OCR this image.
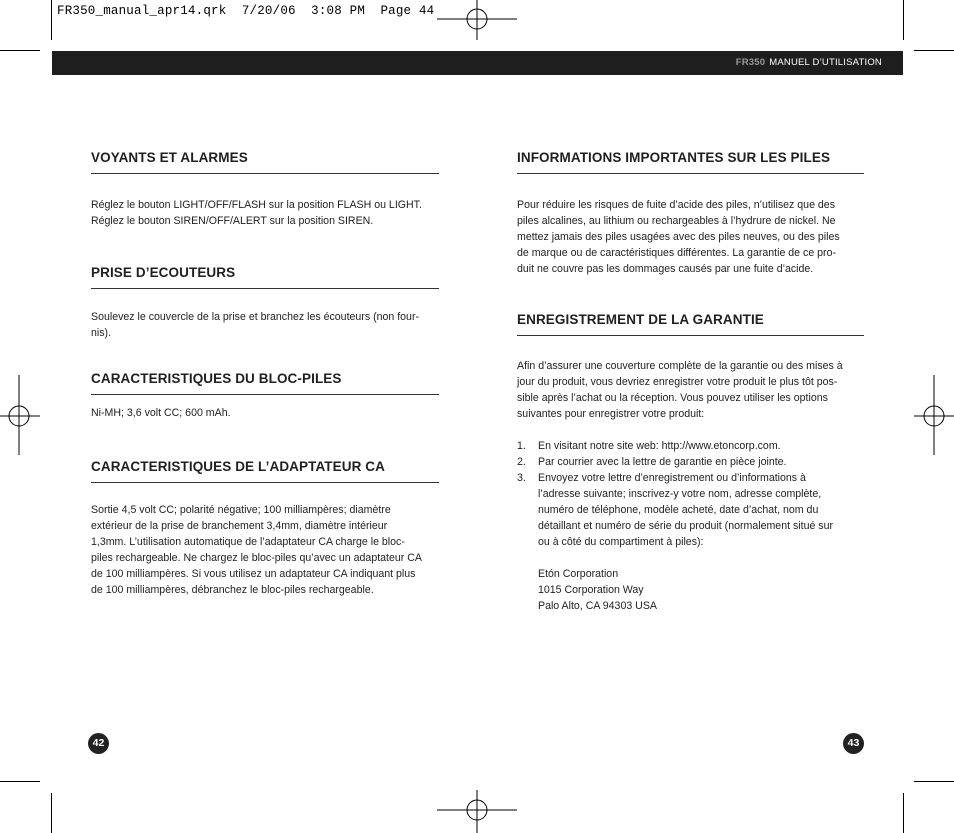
FR350_manual_apr14.qrk  7/20/06  3:08 PM  Page 44
FR350 MANUEL D’UTILISATION
VOYANTS ET ALARMES

Réglez le bouton LIGHT/OFF/FLASH sur la position FLASH ou LIGHT.

Réglez le bouton SIREN/OFF/ALERT sur la position SIREN.

PRISE D’ECOUTEURS

Soulevez le couvercle de la prise et branchez les écouteurs (non four-

nis).

CARACTERISTIQUES DU BLOC-PILES

Ni-MH; 3,6 volt CC; 600 mAh.

CARACTERISTIQUES DE L’ADAPTATEUR CA

Sortie 4,5 volt CC; polarité négative; 100 milliampères; diamètre

extérieur de la prise de branchement 3,4mm, diamètre intérieur

1,3mm. L’utilisation automatique de l’adaptateur CA charge le bloc-

piles rechargeable. Ne chargez le bloc-piles qu’avec un adaptateur CA

de 100 milliampères. Si vous utilisez un adaptateur CA indiquant plus

de 100 milliampères, débranchez le bloc-piles rechargeable.

INFORMATIONS IMPORTANTES SUR LES PILES

Pour réduire les risques de fuite d’acide des piles, n’utilisez que des

piles alcalines, au lithium ou rechargeables à l’hydrure de nickel. Ne

mettez jamais des piles usagées avec des piles neuves, ou des piles

de marque ou de caractéristiques différentes. La garantie de ce pro-

duit ne couvre pas les dommages causés par une fuite d’acide.

ENREGISTREMENT DE LA GARANTIE

Afin d’assurer une couverture complète de la garantie ou des mises à

jour du produit, vous devriez enregistrer votre produit le plus tôt pos-

sible après l’achat ou la réception. Vous pouvez utiliser les options

suivantes pour enregistrer votre produit:

1. En visitant notre site web: http://www.etoncorp.com.
2. Par courrier avec la lettre de garantie en pièce jointe.
3. Envoyez votre lettre d’enregistrement ou d’informations à
l’adresse suivante; inscrivez-y votre nom, adresse complète,
numéro de téléphone, modèle acheté, date d’achat, nom du
détaillant et numéro de série du produit (normalement situé sur
ou à côté du compartiment à piles):
Etón Corporation
1015 Corporation Way
Palo Alto, CA 94303 USA
42	43
